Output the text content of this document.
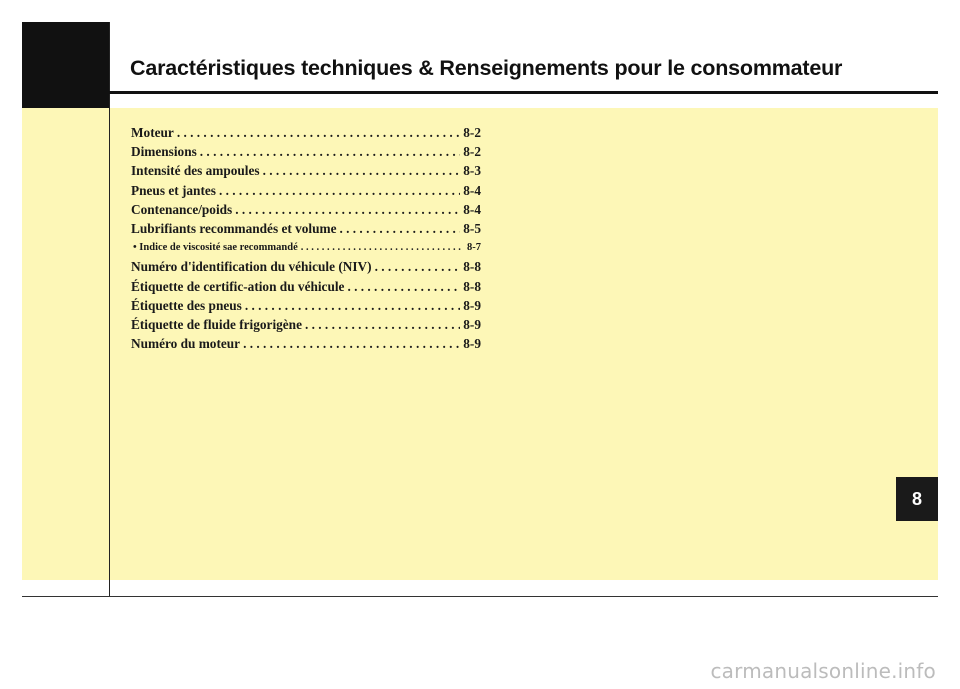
Caractéristiques techniques & Renseignements pour le consommateur
Moteur . . .	8-2
Dimensions . . .	8-2
Intensité des ampoules . . .	8-3
Pneus et jantes . . .	8-4
Contenance/poids . . .	8-4
Lubrifiants recommandés et volume . . .	8-5
• Indice de viscosité sae recommandé . . .	8-7
Numéro d'identification du véhicule (NIV) . . .	8-8
Étiquette de certific-ation du véhicule . . .	8-8
Étiquette des pneus . . .	8-9
Étiquette de fluide frigorigène . . .	8-9
Numéro du moteur . . .	8-9
8
carmanualsonline.info
